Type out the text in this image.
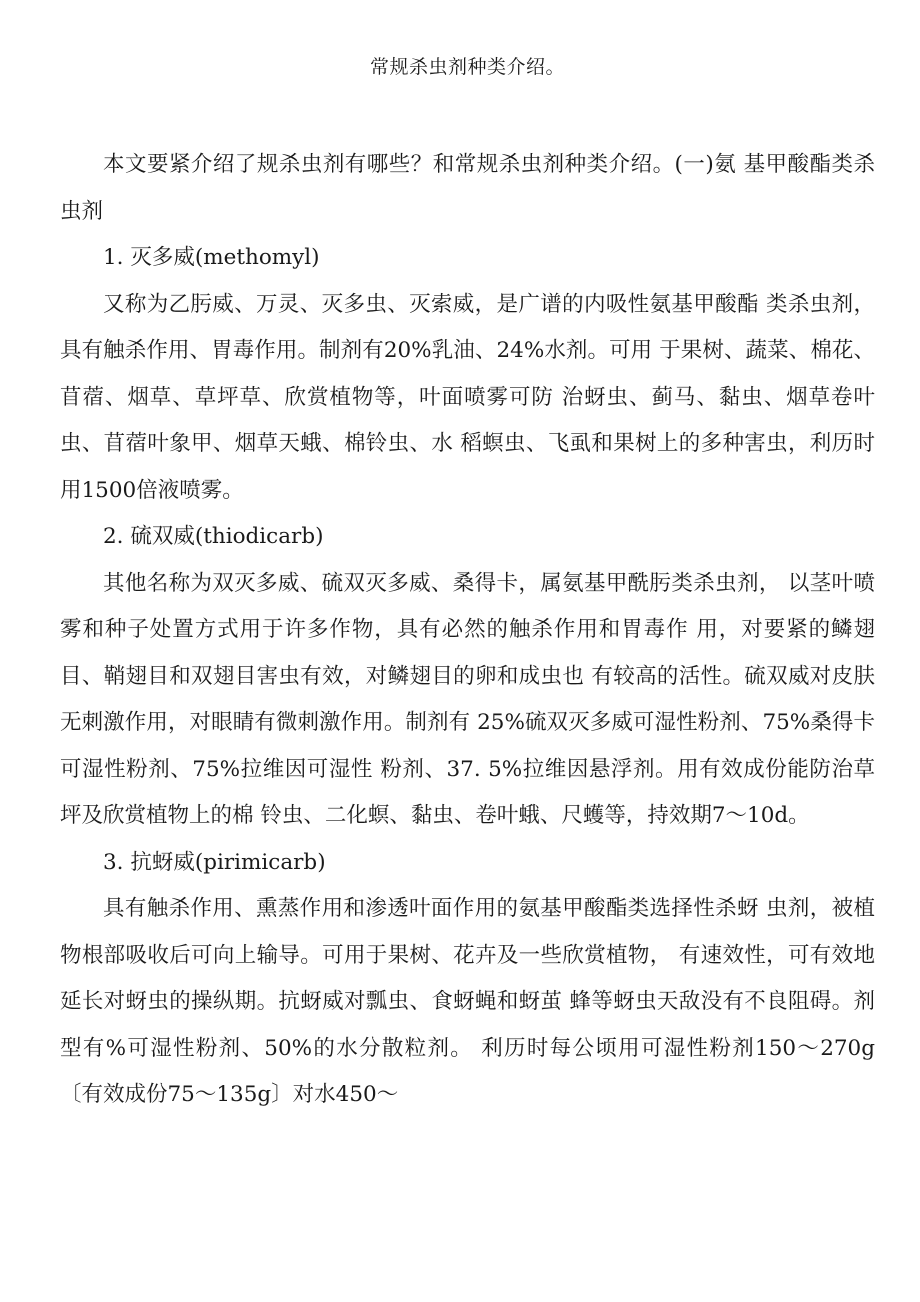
常规杀虫剂种类介绍。

本文要紧介绍了规杀虫剂有哪些？和常规杀虫剂种类介绍。(一)氨 基甲酸酯类杀虫剂

1. 灭多威(methomyl)

又称为乙肟威、万灵、灭多虫、灭索威，是广谱的内吸性氨基甲酸酯 类杀虫剂，具有触杀作用、胃毒作用。制剂有20%乳油、24%水剂。可用 于果树、蔬菜、棉花、苜蓿、烟草、草坪草、欣赏植物等，叶面喷雾可防 治蚜虫、蓟马、黏虫、烟草卷叶虫、苜蓿叶象甲、烟草天蛾、棉铃虫、水 稻螟虫、飞虱和果树上的多种害虫，利历时用1500倍液喷雾。

2. 硫双威(thiodicarb)

其他名称为双灭多威、硫双灭多威、桑得卡，属氨基甲酰肟类杀虫剂， 以茎叶喷雾和种子处置方式用于许多作物，具有必然的触杀作用和胃毒作 用，对要紧的鳞翅目、鞘翅目和双翅目害虫有效，对鳞翅目的卵和成虫也 有较高的活性。硫双威对皮肤无刺激作用，对眼睛有微刺激作用。制剂有 25%硫双灭多威可湿性粉剂、75%桑得卡可湿性粉剂、75%拉维因可湿性 粉剂、37. 5%拉维因悬浮剂。用有效成份能防治草坪及欣赏植物上的棉 铃虫、二化螟、黏虫、卷叶蛾、尺蠖等，持效期7〜10d。

3. 抗蚜威(pirimicarb)

具有触杀作用、熏蒸作用和渗透叶面作用的氨基甲酸酯类选择性杀蚜 虫剂，被植物根部吸收后可向上输导。可用于果树、花卉及一些欣赏植物， 有速效性，可有效地延长对蚜虫的操纵期。抗蚜威对瓢虫、食蚜蝇和蚜茧 蜂等蚜虫天敌没有不良阻碍。剂型有%可湿性粉剂、50%的水分散粒剂。 利历时每公顷用可湿性粉剂150〜270g〔有效成份75〜135g〕对水450〜
